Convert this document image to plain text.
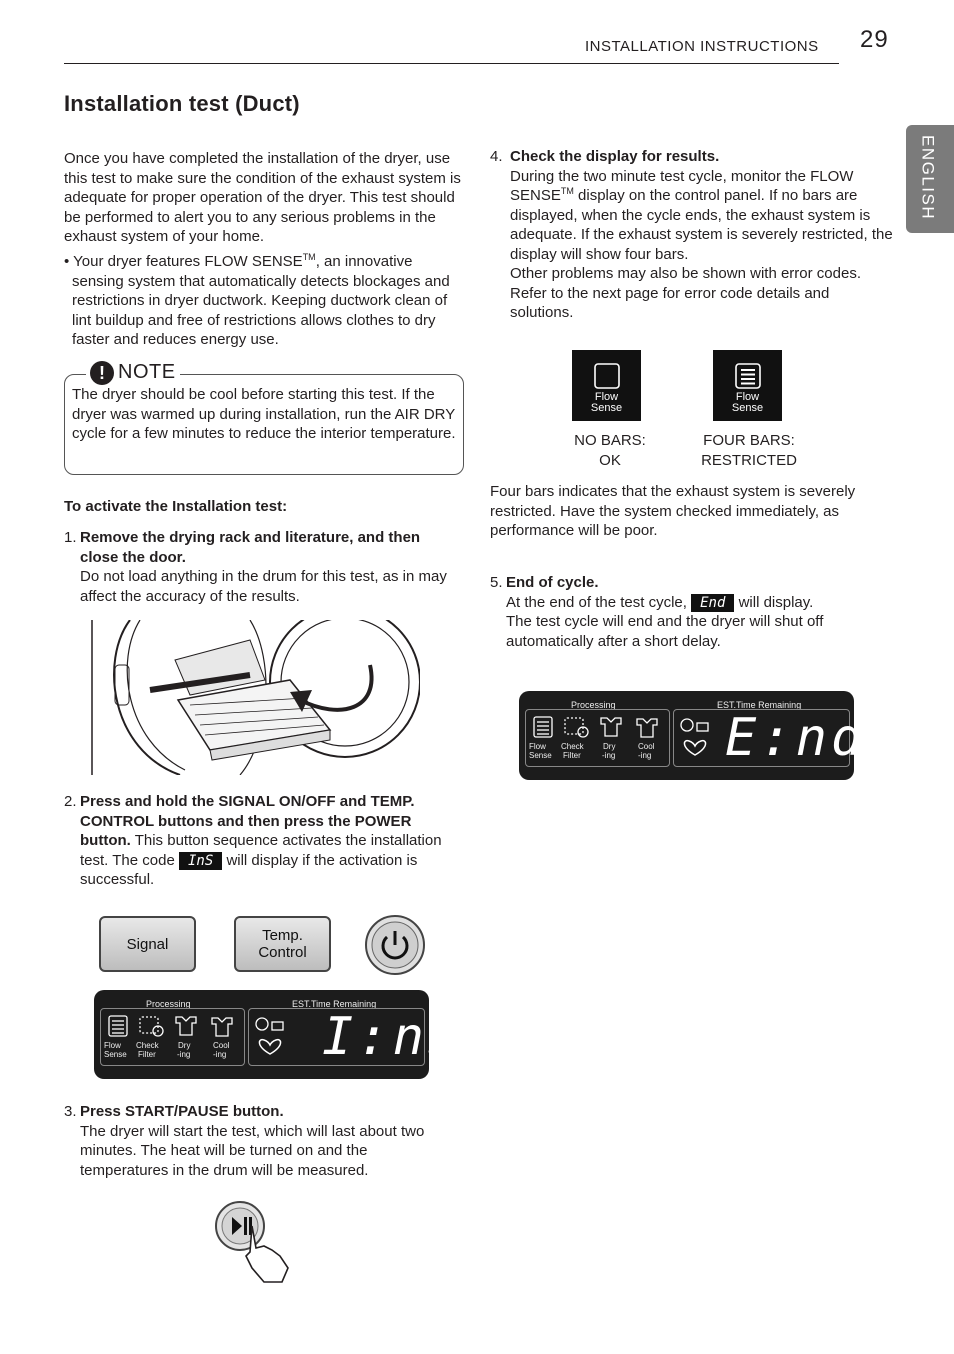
INSTALLATION INSTRUCTIONS 29
ENGLISH
Installation test (Duct)

Once you have completed the installation of the dryer, use this test to make sure the condition of the exhaust system is adequate for proper operation of the dryer. This test should be performed to alert you to any serious problems in the exhaust system of your home.

• Your dryer features FLOW SENSE™, an innovative
sensing system that automatically detects blockages and restrictions in dryer ductwork. Keeping ductwork clean of lint buildup and free of restrictions allows clothes to dry faster and reduces energy use.
! NOTE

The dryer should be cool before starting this test. If the dryer was warmed up during installation, run the AIR DRY cycle for a few minutes to reduce the interior temperature.

To activate the Installation test:

1. Remove the drying rack and literature, and then close the door.
Do not load anything in the drum for this test, as in may affect the accuracy of the results.
2. Press and hold the SIGNAL ON/OFF and TEMP. CONTROL buttons and then press the POWER button. This button sequence activates the installation test. The code InS will display if the activation is successful.
Signal	Temp.
Control
Processing	EST.Time Remaining
Flow
Sense
Check
Filter
Dry
-ing
Cool
-ing I:nS
3. Press START/PAUSE button.
The dryer will start the test, which will last about two minutes. The heat will be turned on and the temperatures in the drum will be measured.
4. Check the display for results.
During the two minute test cycle, monitor the FLOW SENSE™ display on the control panel. If no bars are displayed, when the cycle ends, the exhaust system is adequate. If the exhaust system is severely restricted, the display will show four bars.
Other problems may also be shown with error codes. Refer to the next page for error code details and solutions.
Flow
Sense
Flow
Sense
NO BARS:
OK
FOUR BARS:
RESTRICTED

Four bars indicates that the exhaust system is severely restricted. Have the system checked immediately, as performance will be poor.

5. End of cycle.
At the end of the test cycle, End will display.
The test cycle will end and the dryer will shut off automatically after a short delay.
Processing	EST.Time Remaining
Flow
Sense
Check
Filter
Dry
-ing
Cool
-ing E:nd
